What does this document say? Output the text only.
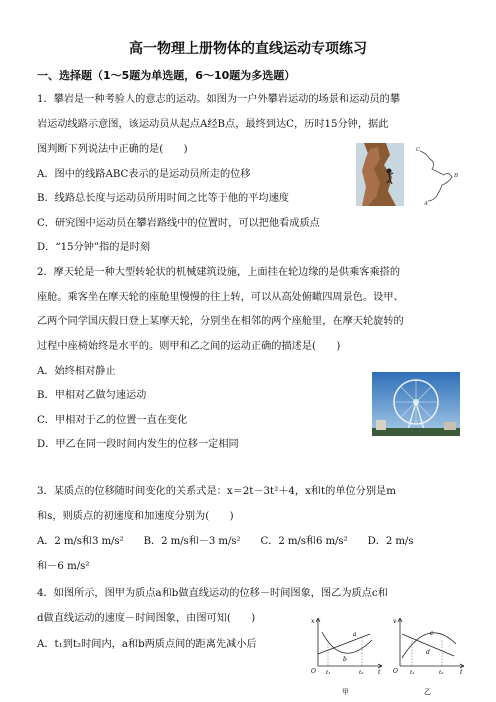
高一物理上册物体的直线运动专项练习
一、选择题（1～5题为单选题，6～10题为多选题）
1．攀岩是一种考验人的意志的运动。如图为一户外攀岩运动的场景和运动员的攀
岩运动线路示意图，该运动员从起点A经B点，最终到达C，历时15分钟，据此
图判断下列说法中正确的是(　　)
A．图中的线路ABC表示的是运动员所走的位移
B．线路总长度与运动员所用时间之比等于他的平均速度
C．研究图中运动员在攀岩路线中的位置时，可以把他看成质点
D．“15分钟”指的是时刻
C
B
A
2．摩天轮是一种大型转轮状的机械建筑设施，上面挂在轮边缘的是供乘客乘搭的
座舱。乘客坐在摩天轮的座舱里慢慢的往上转，可以从高处俯瞰四周景色。设甲、
乙两个同学国庆假日登上某摩天轮，分别坐在相邻的两个座舱里，在摩天轮旋转的
过程中座椅始终是水平的。则甲和乙之间的运动正确的描述是(　　)
A．始终相对静止
B．甲相对乙做匀速运动
C．甲相对于乙的位置一直在变化
D．甲乙在同一段时间内发生的位移一定相同
3．某质点的位移随时间变化的关系式是：x＝2t－3t²＋4，x和t的单位分别是m
和s，则质点的初速度和加速度分别为(　　)
A．2 m/s和3 m/s²　　B．2 m/s和－3 m/s²　　C．2 m/s和6 m/s²　　D．2 m/s
和－6 m/s²
4．如图所示，图甲为质点a和b做直线运动的位移－时间图象，图乙为质点c和
d做直线运动的速度－时间图象，由图可知(　　)
A．t₁到t₂时间内，a和b两质点间的距离先减小后
x
t
O
a
b
t₁	t₂
甲
v
t
O
c
d
t₁	t₂
乙
